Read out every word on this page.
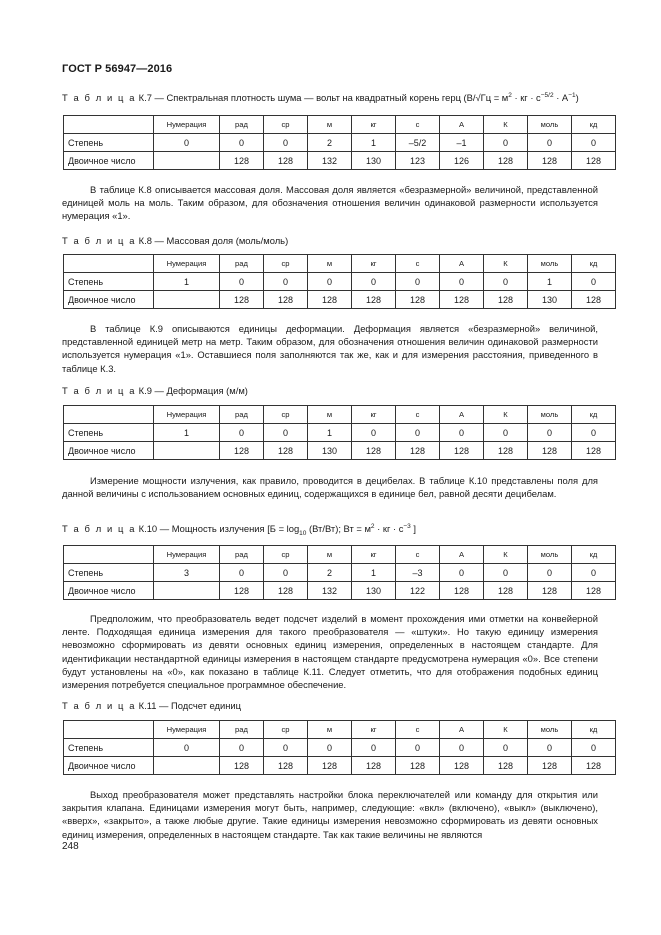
ГОСТ Р 56947—2016
Т а б л и ц а К.7 — Спектральная плотность шума — вольт на квадратный корень герц ($В/√Гц = м^2$ · кг · $с^{-5/2} \cdot А^{-1}$)
	Нумерация	рад	ср	м	кг	с	А	К	моль	кд
Степень	0	0	0	2	1	–5/2	–1	0	0	0
Двоичное число		128	128	132	130	123	126	128	128	128

В таблице К.8 описывается массовая доля. Массовая доля является «безразмерной» величиной, представленной единицей моль на моль. Таким образом, для обозначения отношения величин одинаковой размерности используется нумерация «1».

Т а б л и ц а К.8 — Массовая доля (моль/моль)
	Нумерация	рад	ср	м	кг	с	А	К	моль	кд
Степень	1	0	0	0	0	0	0	0	1	0
Двоичное число		128	128	128	128	128	128	128	130	128

В таблице К.9 описываются единицы деформации. Деформация является «безразмерной» величиной, представленной единицей метр на метр. Таким образом, для обозначения отношения величин одинаковой размерности используется нумерация «1». Оставшиеся поля заполняются так же, как и для измерения расстояния, приведенного в таблице К.3.

Т а б л и ц а К.9 — Деформация (м/м)
	Нумерация	рад	ср	м	кг	с	А	К	моль	кд
Степень	1	0	0	1	0	0	0	0	0	0
Двоичное число		128	128	130	128	128	128	128	128	128

Измерение мощности излучения, как правило, проводится в децибелах. В таблице К.10 представлены поля для данной величины с использованием основных единиц, содержащихся в единице бел, равной десяти децибелам.

Т а б л и ц а К.10 — Мощность излучения [$Б = \log_{10} (Вт/Вт)$; Вт = $м^2$ · кг · $с^{-3}$ ]
	Нумерация	рад	ср	м	кг	с	А	К	моль	кд
Степень	3	0	0	2	1	–3	0	0	0	0
Двоичное число		128	128	132	130	122	128	128	128	128

Предположим, что преобразователь ведет подсчет изделий в момент прохождения ими отметки на конвейерной ленте. Подходящая единица измерения для такого преобразователя — «штуки». Но такую единицу измерения невозможно сформировать из девяти основных единиц измерения, определенных в настоящем стандарте. Для идентификации нестандартной единицы измерения в настоящем стандарте предусмотрена нумерация «0». Все степени будут установлены на «0», как показано в таблице К.11. Следует отметить, что для отображения подобных единиц измерения потребуется специальное программное обеспечение.

Т а б л и ц а К.11 — Подсчет единиц
	Нумерация	рад	ср	м	кг	с	А	К	моль	кд
Степень	0	0	0	0	0	0	0	0	0	0
Двоичное число		128	128	128	128	128	128	128	128	128

Выход преобразователя может представлять настройки блока переключателей или команду для открытия или закрытия клапана. Единицами измерения могут быть, например, следующие: «вкл» (включено), «выкл» (выключено), «вверх», «закрыто», а также любые другие. Такие единицы измерения невозможно сформировать из девяти основных единиц измерения, определенных в настоящем стандарте. Так как такие величины не являются

248
